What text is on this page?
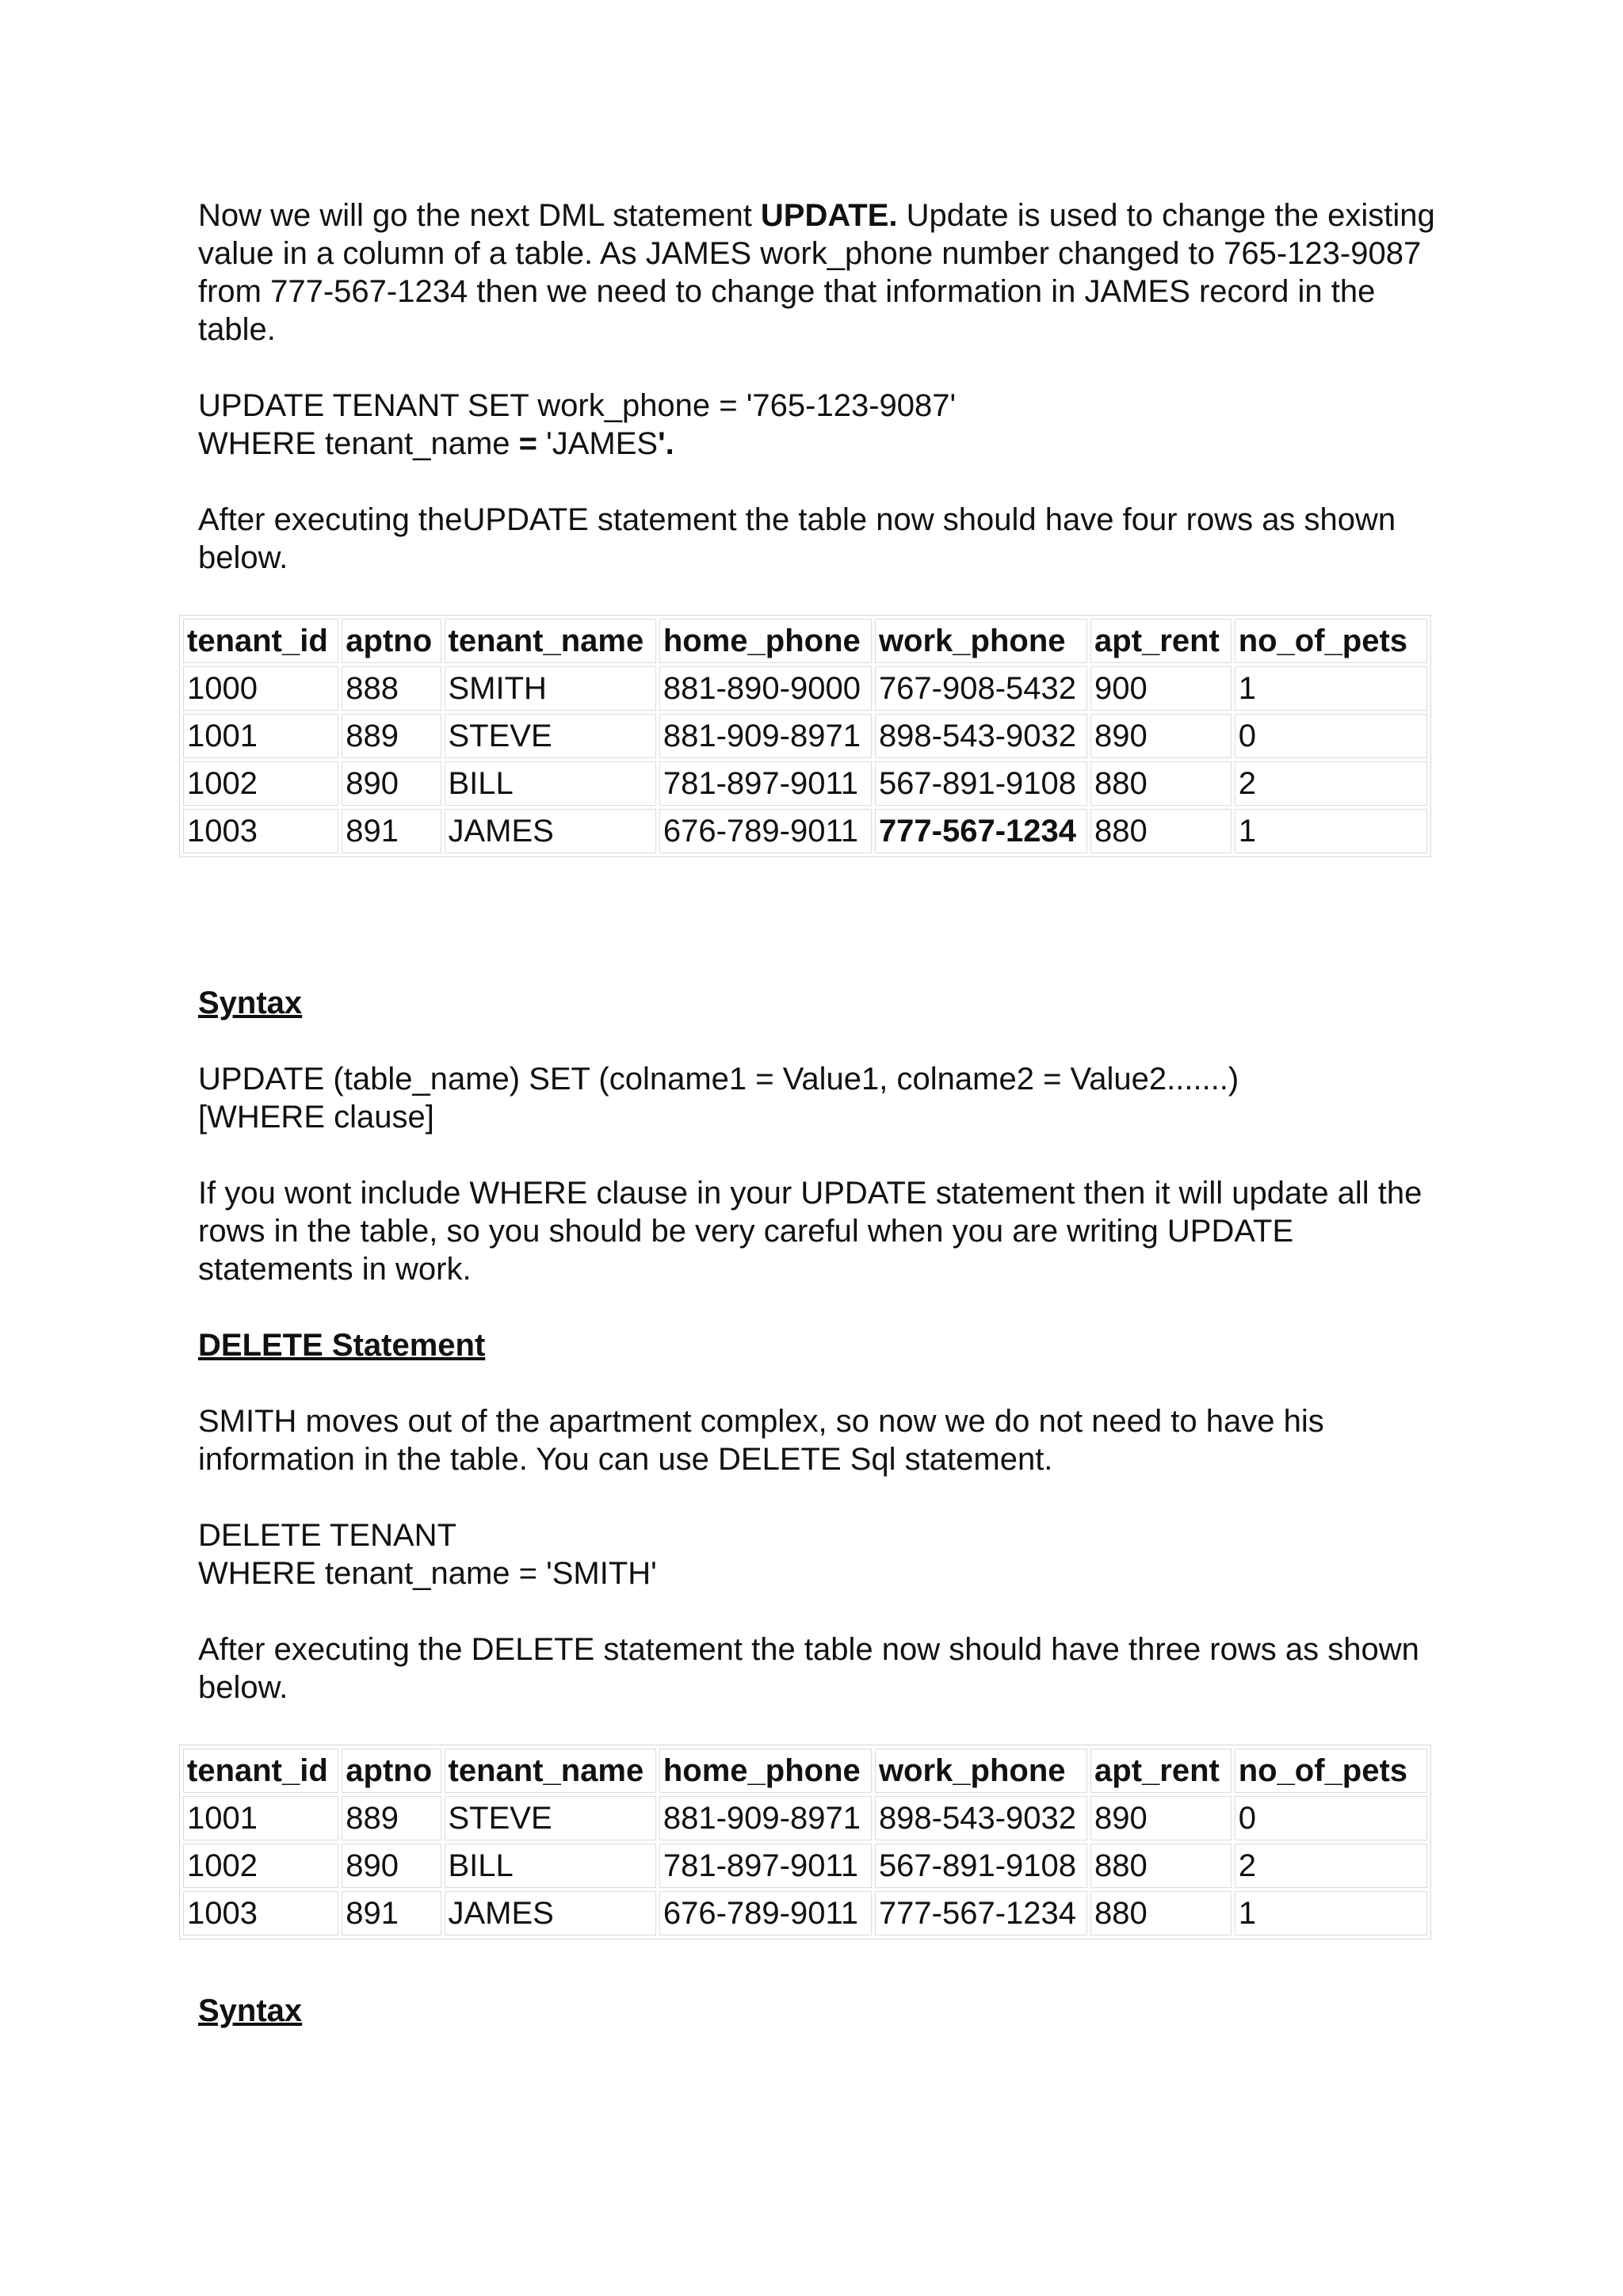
Now we will go the next DML statement UPDATE. Update is used to change the existing value in a column of a table. As JAMES work_phone number changed to 765-123-9087 from 777-567-1234 then we need to change that information in JAMES record in the table.

UPDATE TENANT SET work_phone = '765-123-9087'
WHERE tenant_name = 'JAMES'.

After executing theUPDATE statement the table now should have four rows as shown below.

tenant_id	aptno	tenant_name	home_phone	work_phone	apt_rent	no_of_pets
1000	888	SMITH	881-890-9000	767-908-5432	900	1
1001	889	STEVE	881-909-8971	898-543-9032	890	0
1002	890	BILL	781-897-9011	567-891-9108	880	2
1003	891	JAMES	676-789-9011	777-567-1234	880	1

Syntax

UPDATE (table_name) SET (colname1 = Value1, colname2 = Value2.......)
[WHERE clause]

If you wont include WHERE clause in your UPDATE statement then it will update all the rows in the table, so you should be very careful when you are writing UPDATE statements in work.

DELETE Statement

SMITH moves out of the apartment complex, so now we do not need to have his information in the table. You can use DELETE Sql statement.

DELETE TENANT
WHERE tenant_name = 'SMITH'

After executing the DELETE statement the table now should have three rows as shown below.

tenant_id	aptno	tenant_name	home_phone	work_phone	apt_rent	no_of_pets
1001	889	STEVE	881-909-8971	898-543-9032	890	0
1002	890	BILL	781-897-9011	567-891-9108	880	2
1003	891	JAMES	676-789-9011	777-567-1234	880	1

Syntax
